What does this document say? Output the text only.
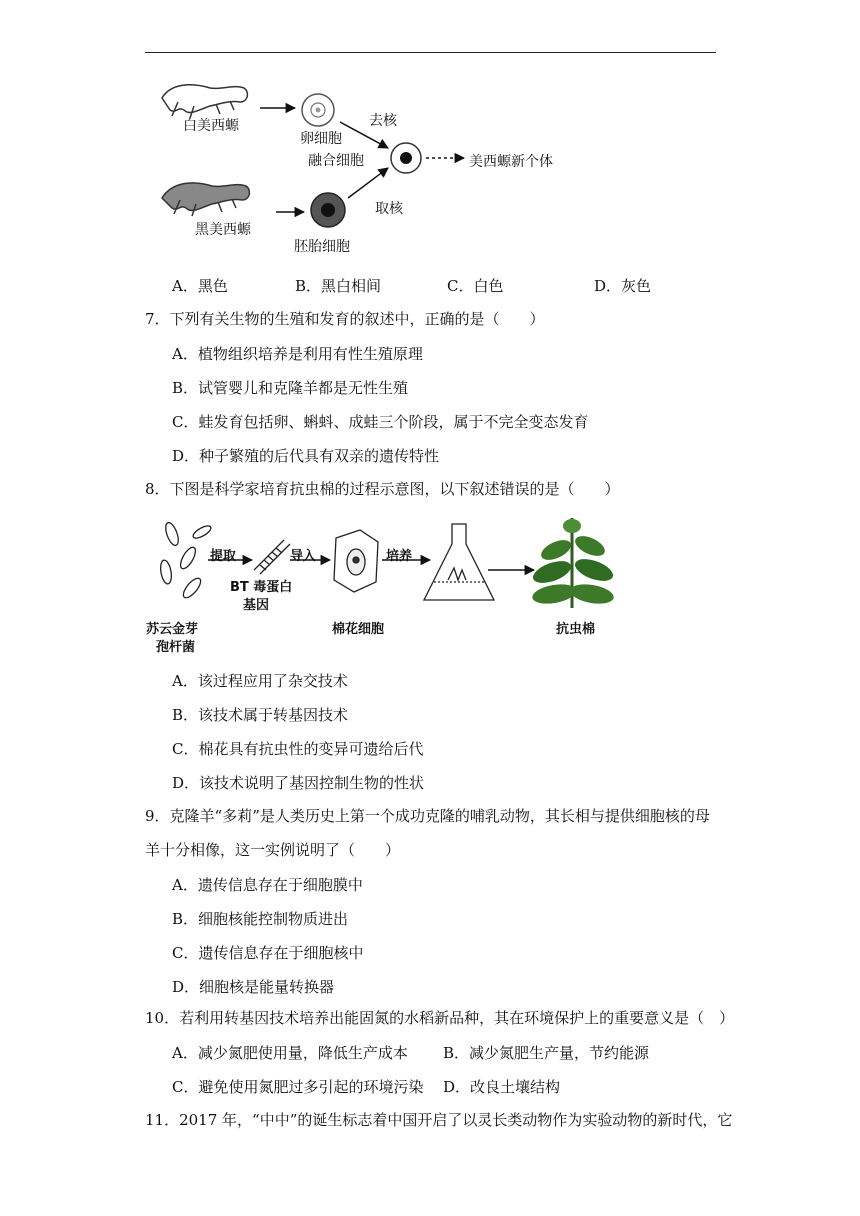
白美西螈
卵细胞
融合细胞
去核
取核
美西螈新个体
黑美西螈
胚胎细胞
A．黑色	B．黑白相间	C．白色	D．灰色
7．下列有关生物的生殖和发育的叙述中，正确的是（　　）
A．植物组织培养是利用有性生殖原理
B．试管婴儿和克隆羊都是无性生殖
C．蛙发育包括卵、蝌蚪、成蛙三个阶段，属于不完全变态发育
D．种子繁殖的后代具有双亲的遗传特性
8．下图是科学家培育抗虫棉的过程示意图，以下叙述错误的是（　　）
提取
BT 毒蛋白
基因
导入	培养
苏云金芽
孢杆菌
棉花细胞	抗虫棉
A．该过程应用了杂交技术
B．该技术属于转基因技术
C．棉花具有抗虫性的变异可遗给后代
D．该技术说明了基因控制生物的性状
9．克隆羊“多莉”是人类历史上第一个成功克隆的哺乳动物，其长相与提供细胞核的母
羊十分相像，这一实例说明了（　　）
A．遗传信息存在于细胞膜中
B．细胞核能控制物质进出
C．遗传信息存在于细胞核中
D．细胞核是能量转换器
10．若利用转基因技术培养出能固氮的水稻新品种，其在环境保护上的重要意义是（　）
A．减少氮肥使用量，降低生产成本 B．减少氮肥生产量，节约能源
C．避免使用氮肥过多引起的环境污染 D．改良土壤结构
11．2017 年，“中中”的诞生标志着中国开启了以灵长类动物作为实验动物的新时代，它
